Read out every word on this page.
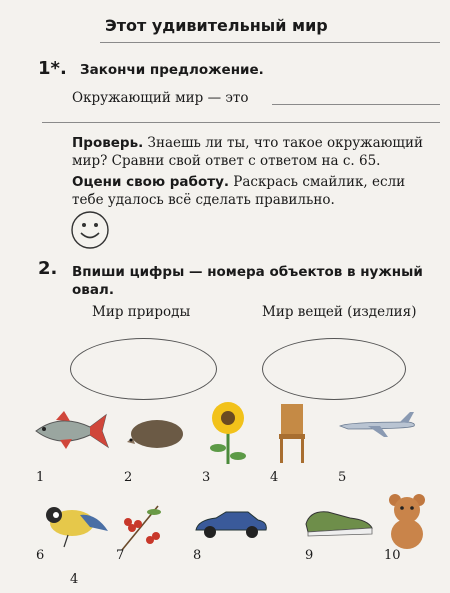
Этот удивительный мир
1*. Закончи предложение.
Окружающий мир — это
Проверь. Знаешь ли ты, что такое окружающий
мир? Сравни свой ответ с ответом на с. 65.
Оцени свою работу. Раскрась смайлик, если
тебе удалось всё сделать правильно.
2. Впиши цифры — номера объектов в нужный
овал.
Мир природы	Мир вещей (изделия)
1	2	3	4	5
6	7	8	9	10
4
